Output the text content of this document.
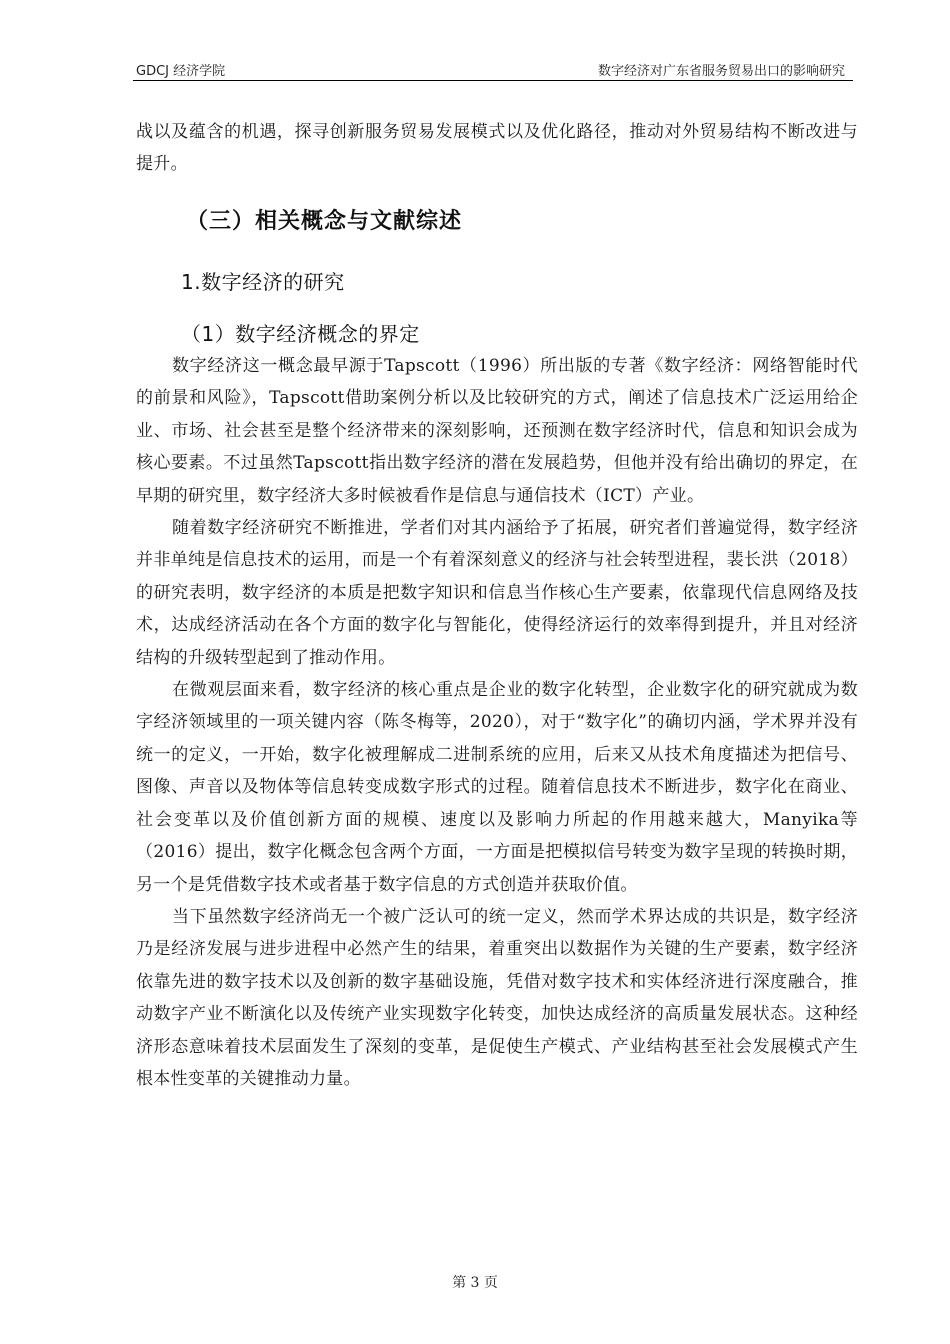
GDCJ 经济学院	数字经济对广东省服务贸易出口的影响研究
战以及蕴含的机遇，探寻创新服务贸易发展模式以及优化路径，推动对外贸易结构不断改进与提升。
（三）相关概念与文献综述
1.数字经济的研究
（1）数字经济概念的界定

数字经济这一概念最早源于Tapscott（1996）所出版的专著《数字经济：网络智能时代的前景和风险》，Tapscott借助案例分析以及比较研究的方式，阐述了信息技术广泛运用给企业、市场、社会甚至是整个经济带来的深刻影响，还预测在数字经济时代，信息和知识会成为核心要素。不过虽然Tapscott指出数字经济的潜在发展趋势，但他并没有给出确切的界定，在早期的研究里，数字经济大多时候被看作是信息与通信技术（ICT）产业。

随着数字经济研究不断推进，学者们对其内涵给予了拓展，研究者们普遍觉得，数字经济并非单纯是信息技术的运用，而是一个有着深刻意义的经济与社会转型进程，裴长洪（2018）的研究表明，数字经济的本质是把数字知识和信息当作核心生产要素，依靠现代信息网络及技术，达成经济活动在各个方面的数字化与智能化，使得经济运行的效率得到提升，并且对经济结构的升级转型起到了推动作用。

在微观层面来看，数字经济的核心重点是企业的数字化转型，企业数字化的研究就成为数字经济领域里的一项关键内容（陈冬梅等，2020），对于“数字化”的确切内涵，学术界并没有统一的定义，一开始，数字化被理解成二进制系统的应用，后来又从技术角度描述为把信号、图像、声音以及物体等信息转变成数字形式的过程。随着信息技术不断进步，数字化在商业、社会变革以及价值创新方面的规模、速度以及影响力所起的作用越来越大，Manyika等（2016）提出，数字化概念包含两个方面，一方面是把模拟信号转变为数字呈现的转换时期，另一个是凭借数字技术或者基于数字信息的方式创造并获取价值。

当下虽然数字经济尚无一个被广泛认可的统一定义，然而学术界达成的共识是，数字经济乃是经济发展与进步进程中必然产生的结果，着重突出以数据作为关键的生产要素，数字经济依靠先进的数字技术以及创新的数字基础设施，凭借对数字技术和实体经济进行深度融合，推动数字产业不断演化以及传统产业实现数字化转变，加快达成经济的高质量发展状态。这种经济形态意味着技术层面发生了深刻的变革，是促使生产模式、产业结构甚至社会发展模式产生根本性变革的关键推动力量。

第 3 页
